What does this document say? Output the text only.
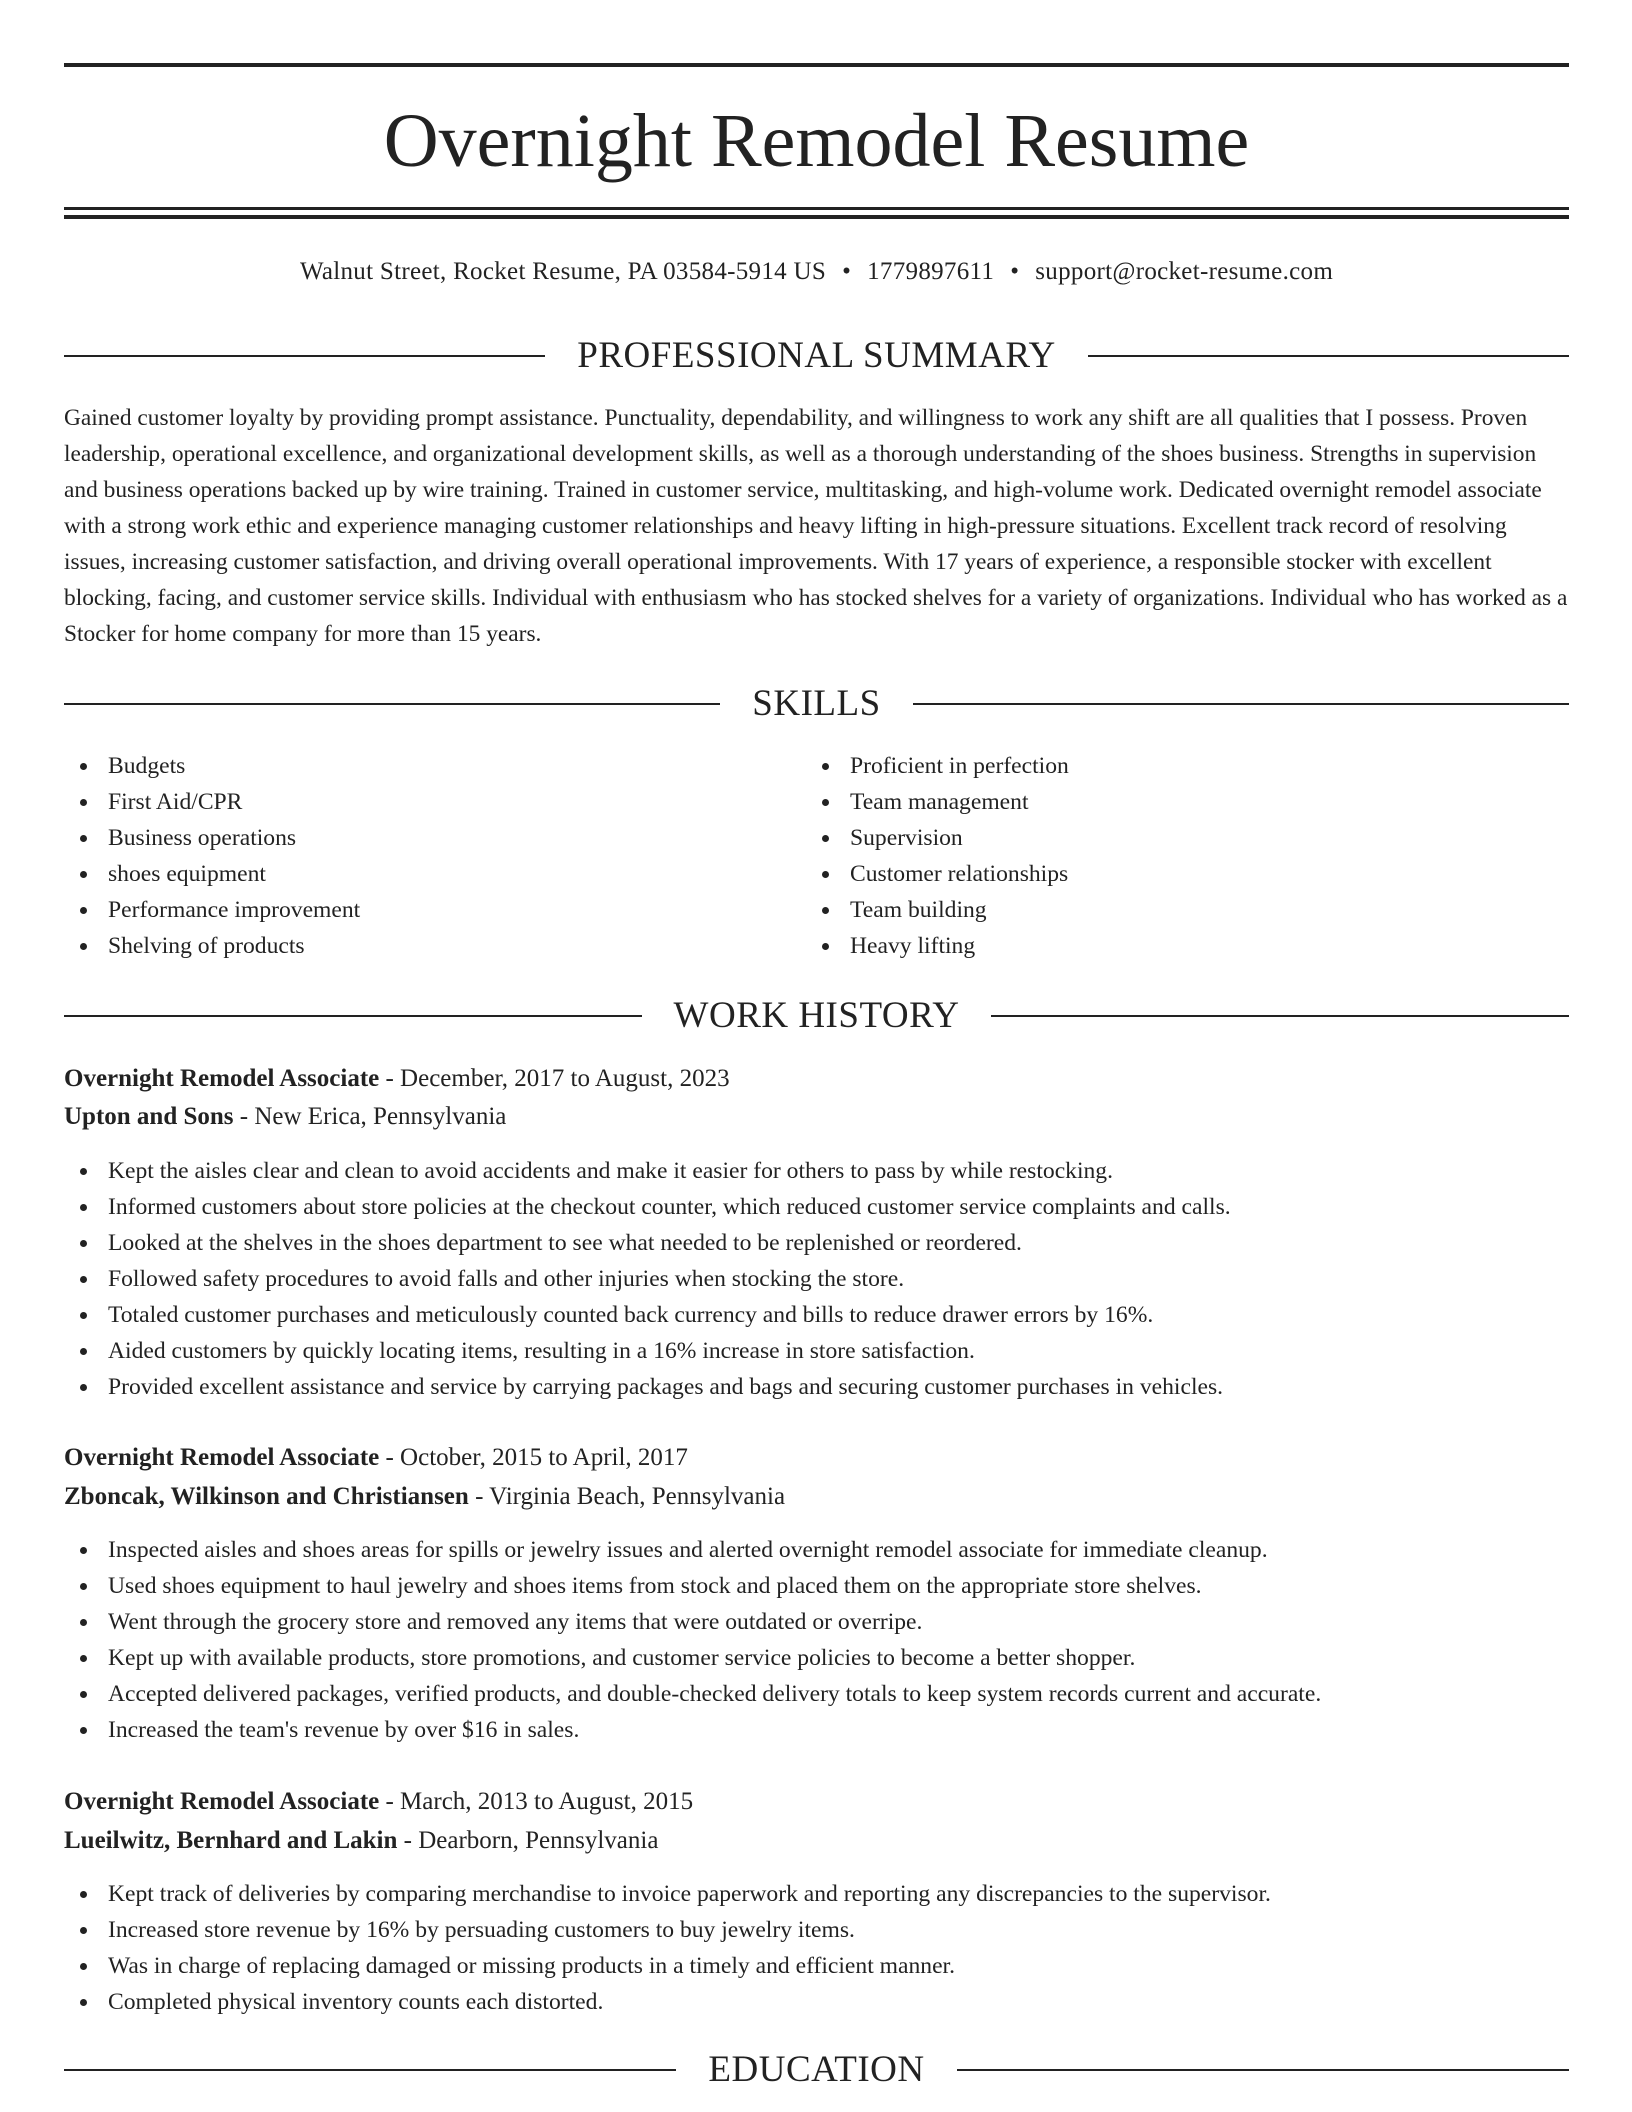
Overnight Remodel Resume
Walnut Street, Rocket Resume, PA 03584-5914 US • 1779897611 • support@rocket-resume.com
PROFESSIONAL SUMMARY

Gained customer loyalty by providing prompt assistance. Punctuality, dependability, and willingness to work any shift are all qualities that I possess. Proven leadership, operational excellence, and organizational development skills, as well as a thorough understanding of the shoes business. Strengths in supervision and business operations backed up by wire training. Trained in customer service, multitasking, and high-volume work. Dedicated overnight remodel associate with a strong work ethic and experience managing customer relationships and heavy lifting in high-pressure situations. Excellent track record of resolving issues, increasing customer satisfaction, and driving overall operational improvements. With 17 years of experience, a responsible stocker with excellent blocking, facing, and customer service skills. Individual with enthusiasm who has stocked shelves for a variety of organizations. Individual who has worked as a Stocker for home company for more than 15 years.

SKILLS
Budgets
First Aid/CPR
Business operations
shoes equipment
Performance improvement
Shelving of products
Proficient in perfection
Team management
Supervision
Customer relationships
Team building
Heavy lifting
WORK HISTORY
Overnight Remodel Associate - December, 2017 to August, 2023
Upton and Sons - New Erica, Pennsylvania
Kept the aisles clear and clean to avoid accidents and make it easier for others to pass by while restocking.
Informed customers about store policies at the checkout counter, which reduced customer service complaints and calls.
Looked at the shelves in the shoes department to see what needed to be replenished or reordered.
Followed safety procedures to avoid falls and other injuries when stocking the store.
Totaled customer purchases and meticulously counted back currency and bills to reduce drawer errors by 16%.
Aided customers by quickly locating items, resulting in a 16% increase in store satisfaction.
Provided excellent assistance and service by carrying packages and bags and securing customer purchases in vehicles.
Overnight Remodel Associate - October, 2015 to April, 2017
Zboncak, Wilkinson and Christiansen - Virginia Beach, Pennsylvania
Inspected aisles and shoes areas for spills or jewelry issues and alerted overnight remodel associate for immediate cleanup.
Used shoes equipment to haul jewelry and shoes items from stock and placed them on the appropriate store shelves.
Went through the grocery store and removed any items that were outdated or overripe.
Kept up with available products, store promotions, and customer service policies to become a better shopper.
Accepted delivered packages, verified products, and double-checked delivery totals to keep system records current and accurate.
Increased the team's revenue by over $16 in sales.
Overnight Remodel Associate - March, 2013 to August, 2015
Lueilwitz, Bernhard and Lakin - Dearborn, Pennsylvania
Kept track of deliveries by comparing merchandise to invoice paperwork and reporting any discrepancies to the supervisor.
Increased store revenue by 16% by persuading customers to buy jewelry items.
Was in charge of replacing damaged or missing products in a timely and efficient manner.
Completed physical inventory counts each distorted.
EDUCATION
